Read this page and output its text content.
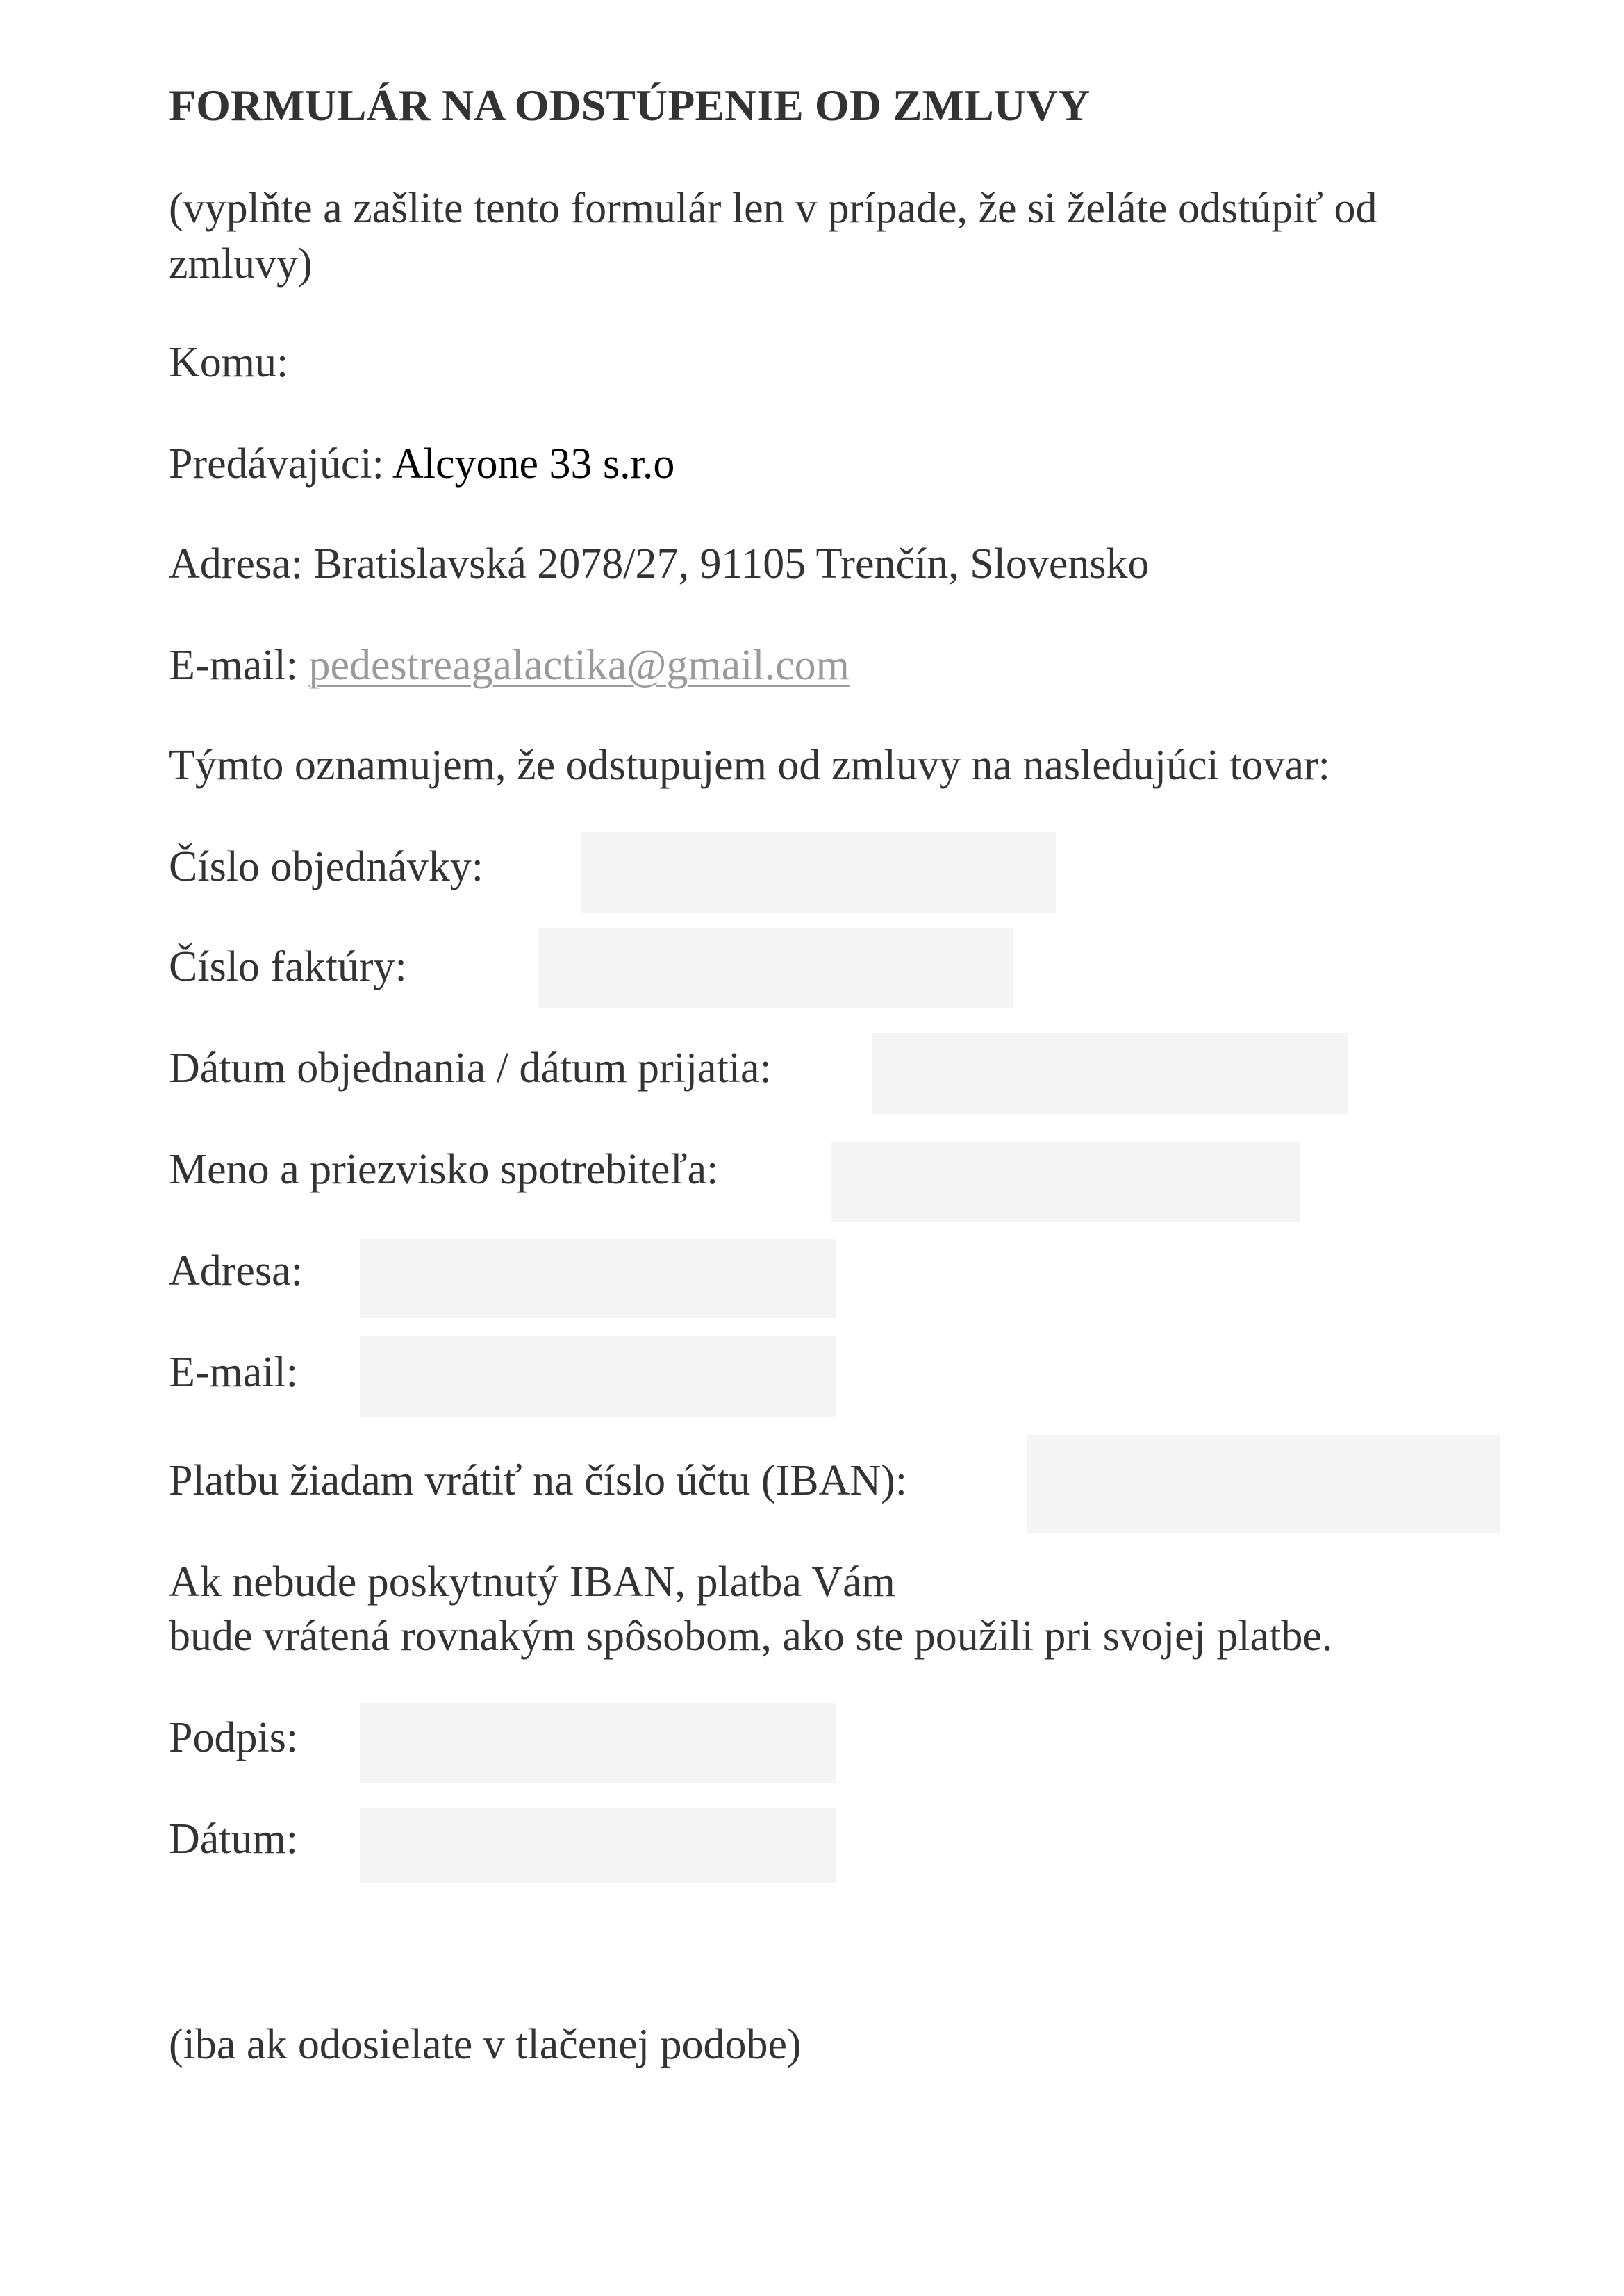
FORMULÁR NA ODSTÚPENIE OD ZMLUVY
(vyplňte a zašlite tento formulár len v prípade, že si želáte odstúpiť od
zmluvy)
Komu:
Predávajúci: Alcyone 33 s.r.o
Adresa: Bratislavská 2078/27, 91105 Trenčín, Slovensko
E-mail: pedestreagalactika@gmail.com
Týmto oznamujem, že odstupujem od zmluvy na nasledujúci tovar:
Číslo objednávky:
Číslo faktúry:
Dátum objednania / dátum prijatia:
Meno a priezvisko spotrebiteľa:
Adresa:
E-mail:
Platbu žiadam vrátiť na číslo účtu (IBAN):
Ak nebude poskytnutý IBAN, platba Vám
bude vrátená rovnakým spôsobom, ako ste použili pri svojej platbe.
Podpis:
Dátum:
(iba ak odosielate v tlačenej podobe)
